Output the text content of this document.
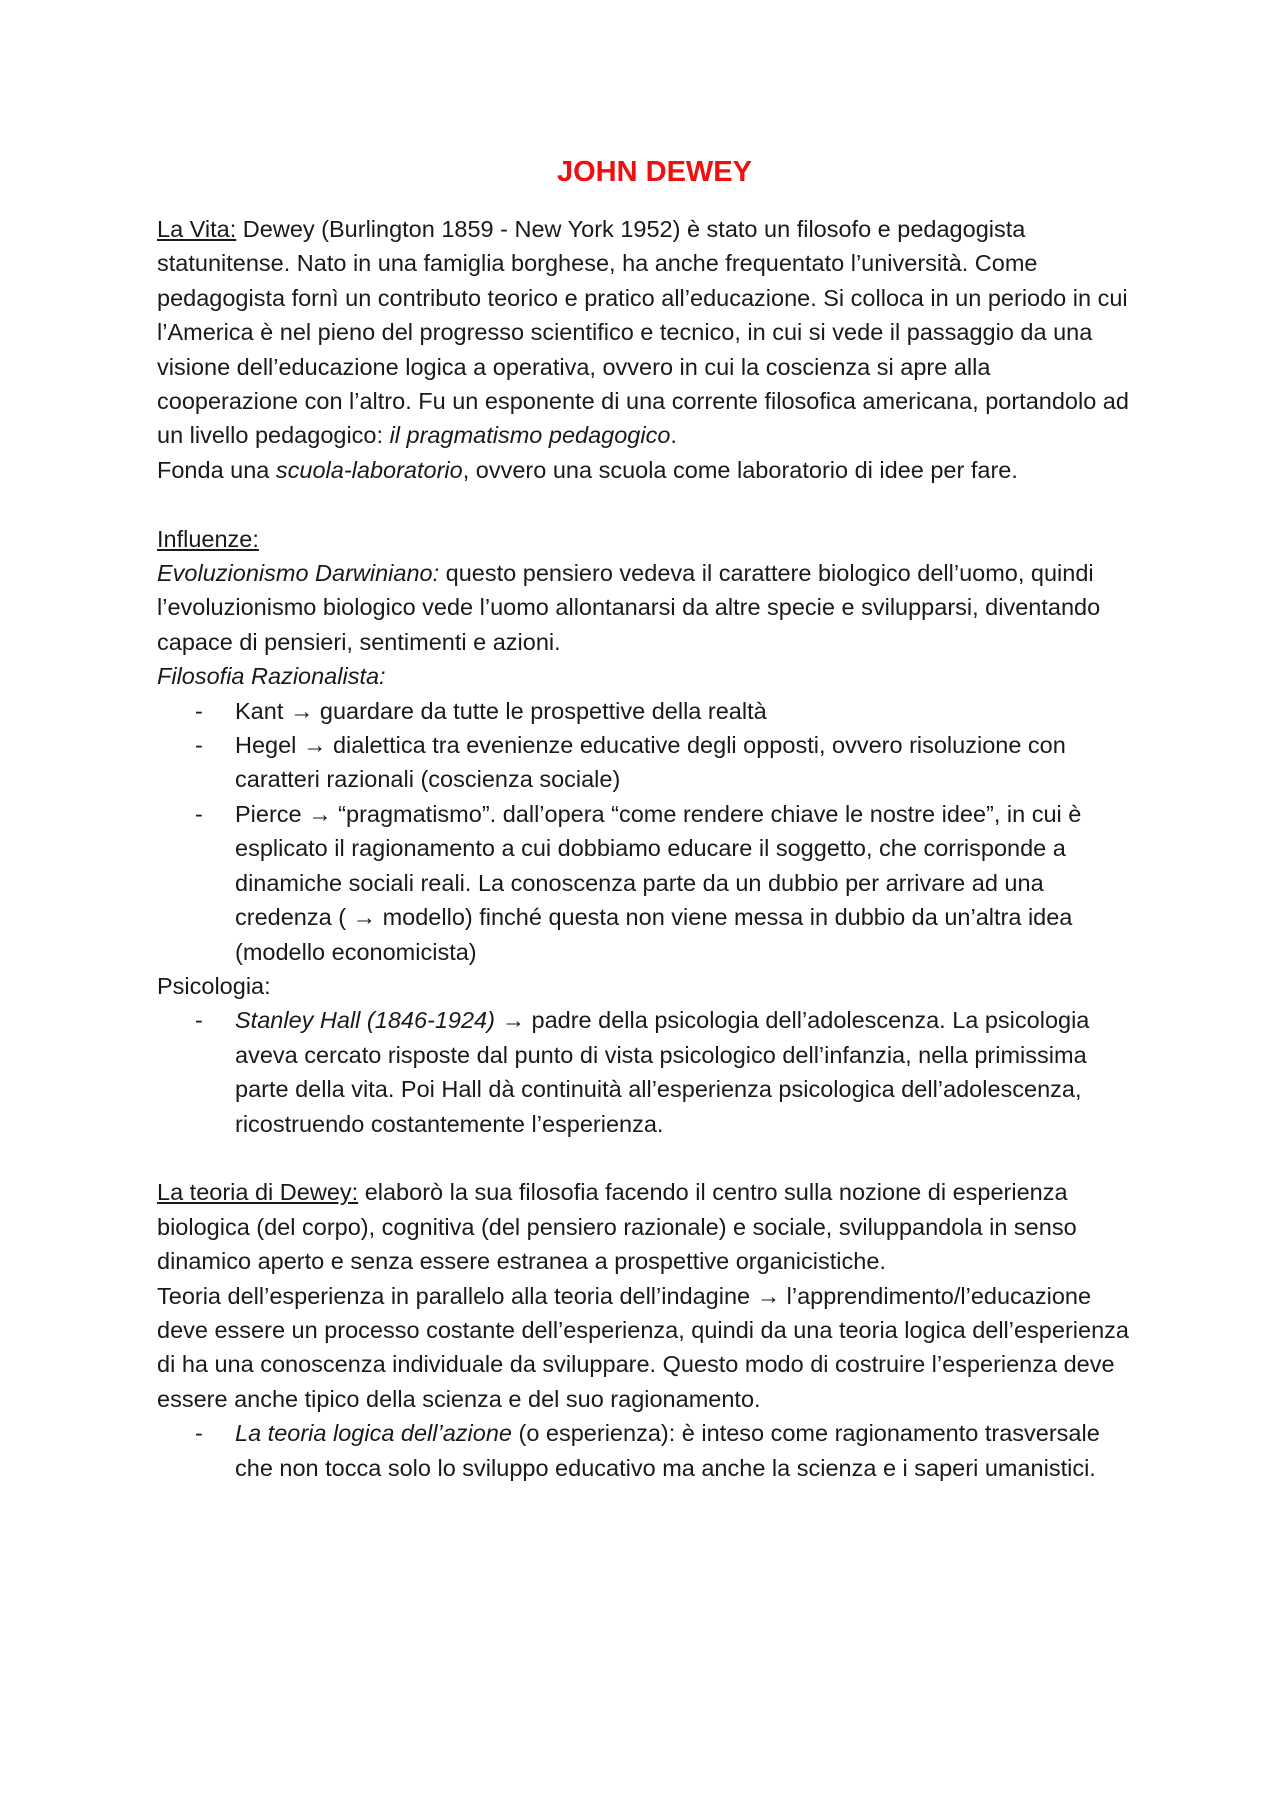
JOHN DEWEY

La Vita: Dewey (Burlington 1859 - New York 1952) è stato un filosofo e pedagogista statunitense. Nato in una famiglia borghese, ha anche frequentato l’università. Come pedagogista fornì un contributo teorico e pratico all’educazione. Si colloca in un periodo in cui l’America è nel pieno del progresso scientifico e tecnico, in cui si vede il passaggio da una visione dell’educazione logica a operativa, ovvero in cui la coscienza si apre alla cooperazione con l’altro. Fu un esponente di una corrente filosofica americana, portandolo ad un livello pedagogico: il pragmatismo pedagogico.

Fonda una scuola-laboratorio, ovvero una scuola come laboratorio di idee per fare.

Influenze:

Evoluzionismo Darwiniano: questo pensiero vedeva il carattere biologico dell’uomo, quindi l’evoluzionismo biologico vede l’uomo allontanarsi da altre specie e svilupparsi, diventando capace di pensieri, sentimenti e azioni.

Filosofia Razionalista:

- Kant → guardare da tutte le prospettive della realtà
- Hegel → dialettica tra evenienze educative degli opposti, ovvero risoluzione con caratteri razionali (coscienza sociale)
- Pierce → “pragmatismo”. dall’opera “come rendere chiave le nostre idee”, in cui è esplicato il ragionamento a cui dobbiamo educare il soggetto, che corrisponde a dinamiche sociali reali. La conoscenza parte da un dubbio per arrivare ad una credenza ( → modello) finché questa non viene messa in dubbio da un’altra idea (modello economicista)

Psicologia:

- Stanley Hall (1846-1924) → padre della psicologia dell’adolescenza. La psicologia aveva cercato risposte dal punto di vista psicologico dell’infanzia, nella primissima parte della vita. Poi Hall dà continuità all’esperienza psicologica dell’adolescenza, ricostruendo costantemente l’esperienza.

La teoria di Dewey: elaborò la sua filosofia facendo il centro sulla nozione di esperienza biologica (del corpo), cognitiva (del pensiero razionale) e sociale, sviluppandola in senso dinamico aperto e senza essere estranea a prospettive organicistiche.

Teoria dell’esperienza in parallelo alla teoria dell’indagine → l’apprendimento/l’educazione deve essere un processo costante dell’esperienza, quindi da una teoria logica dell’esperienza di ha una conoscenza individuale da sviluppare. Questo modo di costruire l’esperienza deve essere anche tipico della scienza e del suo ragionamento.

- La teoria logica dell’azione (o esperienza): è inteso come ragionamento trasversale che non tocca solo lo sviluppo educativo ma anche la scienza e i saperi umanistici.
